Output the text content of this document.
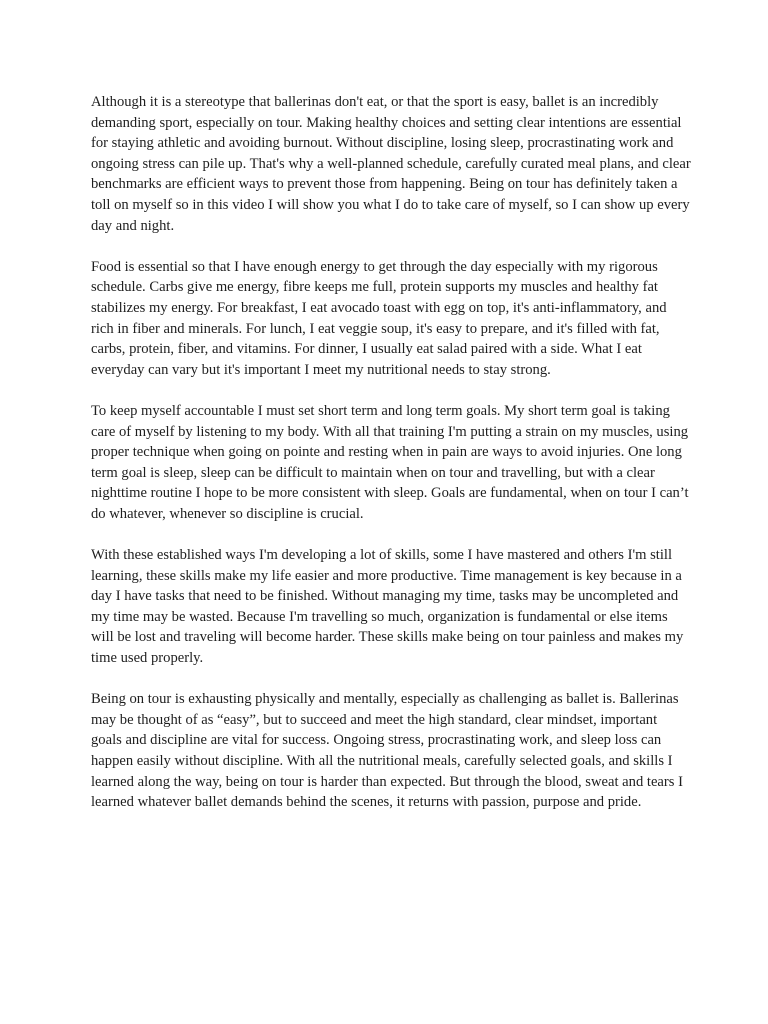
Although it is a stereotype that ballerinas don't eat, or that the sport is easy, ballet is an incredibly demanding sport, especially on tour. Making healthy choices and setting clear intentions are essential for staying athletic and avoiding burnout. Without discipline, losing sleep, procrastinating work and ongoing stress can pile up. That's why a well-planned schedule, carefully curated meal plans, and clear benchmarks are efficient ways to prevent those from happening. Being on tour has definitely taken a toll on myself so in this video I will show you what I do to take care of myself, so I can show up every day and night.

Food is essential so that I have enough energy to get through the day especially with my rigorous schedule. Carbs give me energy, fibre keeps me full, protein supports my muscles and healthy fat stabilizes my energy. For breakfast, I eat avocado toast with egg on top, it's anti-inflammatory, and rich in fiber and minerals. For lunch, I eat veggie soup, it's easy to prepare, and it's filled with fat, carbs, protein, fiber, and vitamins. For dinner, I usually eat salad paired with a side. What I eat everyday can vary but it's important I meet my nutritional needs to stay strong.

To keep myself accountable I must set short term and long term goals. My short term goal is taking care of myself by listening to my body. With all that training I'm putting a strain on my muscles, using proper technique when going on pointe and resting when in pain are ways to avoid injuries. One long term goal is sleep, sleep can be difficult to maintain when on tour and travelling, but with a clear nighttime routine I hope to be more consistent with sleep. Goals are fundamental, when on tour I can’t do whatever, whenever so discipline is crucial.

With these established ways I'm developing a lot of skills, some I have mastered and others I'm still learning, these skills make my life easier and more productive. Time management is key because in a day I have tasks that need to be finished. Without managing my time, tasks may be uncompleted and my time may be wasted. Because I'm travelling so much, organization is fundamental or else items will be lost and traveling will become harder. These skills make being on tour painless and makes my time used properly.

Being on tour is exhausting physically and mentally, especially as challenging as ballet is. Ballerinas may be thought of as “easy”, but to succeed and meet the high standard, clear mindset, important goals and discipline are vital for success. Ongoing stress, procrastinating work, and sleep loss can happen easily without discipline. With all the nutritional meals, carefully selected goals, and skills I learned along the way, being on tour is harder than expected. But through the blood, sweat and tears I learned whatever ballet demands behind the scenes, it returns with passion, purpose and pride.
